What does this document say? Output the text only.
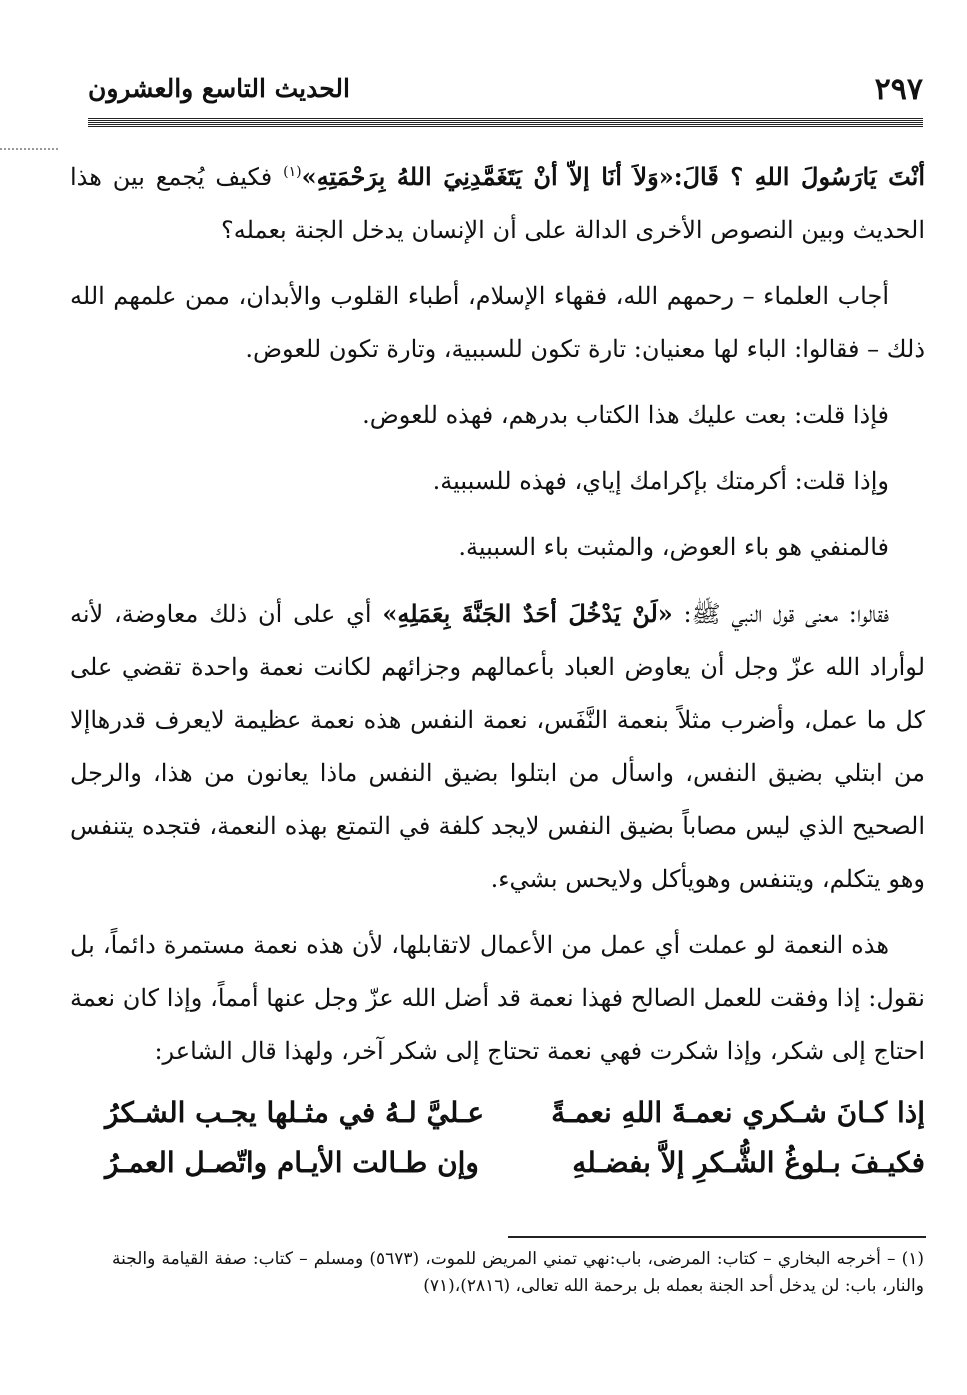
٢٩٧
الحديث التاسع والعشرون

أنْتَ يَارَسُولَ اللهِ ؟ قَالَ:«وَلاَ أنَا إلاّ أنْ يَتَغَمَّدِنِيَ اللهُ بِرَحْمَتِهِ»$^{(١)}$ فكيف يُجمع بين هذا الحديث وبين النصوص الأخرى الدالة على أن الإنسان يدخل الجنة بعمله؟

أجاب العلماء – رحمهم الله، فقهاء الإسلام، أطباء القلوب والأبدان، ممن علمهم الله ذلك – فقالوا: الباء لها معنيان: تارة تكون للسببية، وتارة تكون للعوض.

فإذا قلت: بعت عليك هذا الكتاب بدرهم، فهذه للعوض.

وإذا قلت: أكرمتك بإكرامك إياي، فهذه للسببية.

فالمنفي هو باء العوض، والمثبت باء السببية.

فقالوا: معنى قول النبي ﷺ: «لَنْ يَدْخُلَ أحَدٌ الجَنَّةَ بِعَمَلِهِ» أي على أن ذلك معاوضة، لأنه لوأراد الله عزّ وجل أن يعاوض العباد بأعمالهم وجزائهم لكانت نعمة واحدة تقضي على كل ما عمل، وأضرب مثلاً بنعمة النَّفَس، نعمة النفس هذه نعمة عظيمة لايعرف قدرهاإلا من ابتلي بضيق النفس، واسأل من ابتلوا بضيق النفس ماذا يعانون من هذا، والرجل الصحيح الذي ليس مصاباً بضيق النفس لايجد كلفة في التمتع بهذه النعمة، فتجده يتنفس وهو يتكلم، ويتنفس وهويأكل ولايحس بشيء.

هذه النعمة لو عملت أي عمل من الأعمال لاتقابلها، لأن هذه نعمة مستمرة دائماً، بل نقول: إذا وفقت للعمل الصالح فهذا نعمة قد أضل الله عزّ وجل عنها أمماً، وإذا كان نعمة احتاج إلى شكر، وإذا شكرت فهي نعمة تحتاج إلى شكر آخر، ولهذا قال الشاعر:

إذا كـانَ شـكري نعمـةَ اللهِ نعمـةً
عـليَّ لـهُ في مثـلها يجـب الشـكرُ
فكيـفَ بـلوغُ الشُّـكرِ إلاَّ بفضـلهِ
وإن طـالت الأيـام واتّصـل العمـرُ

(١) – أخرجه البخاري – كتاب: المرضى، باب:نهي تمني المريض للموت، (٥٦٧٣) ومسلم – كتاب: صفة القيامة والجنة والنار، باب: لن يدخل أحد الجنة بعمله بل برحمة الله تعالى، (٢٨١٦)،(٧١)
